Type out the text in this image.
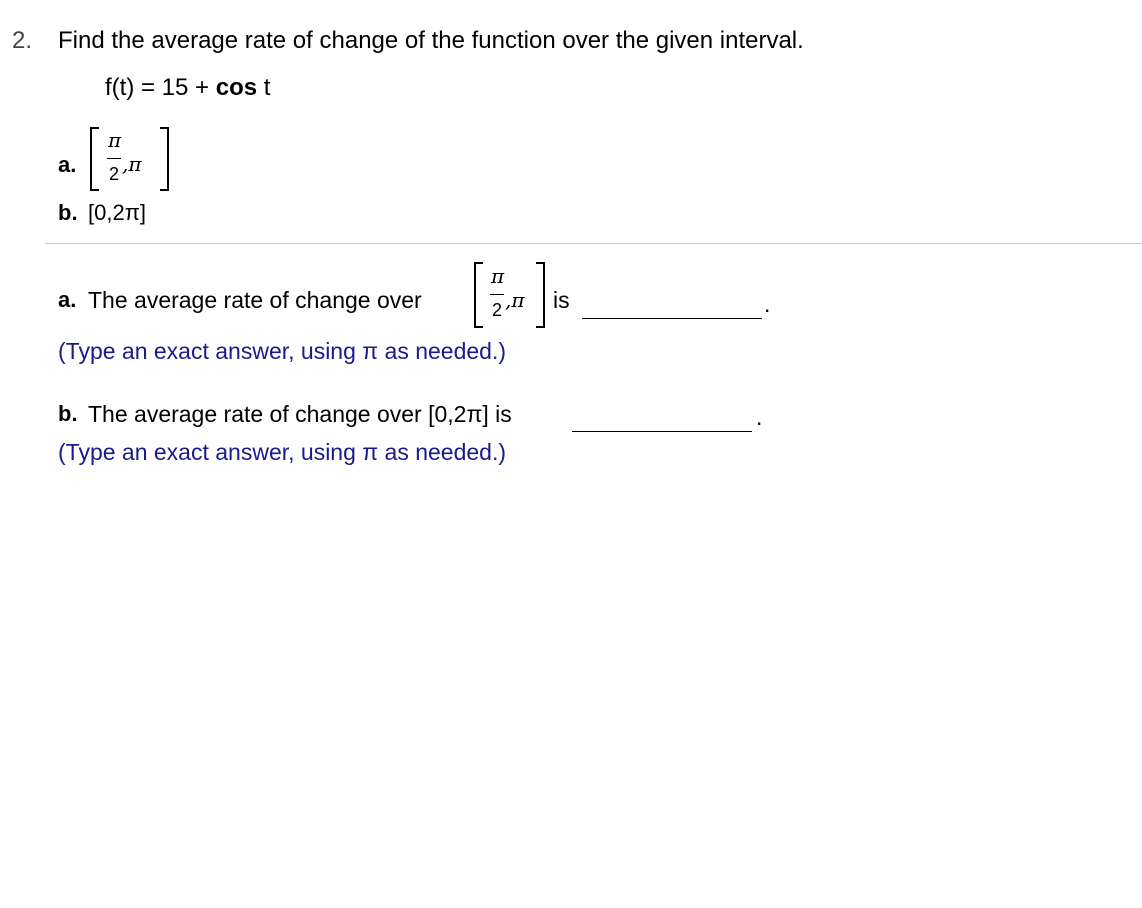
2. Find the average rate of change of the function over the given interval.
f(t) = 15 + cos t
a.
π
2 ,π
b. [0,2π]
a. The average rate of change over
π
2 ,π is	.
(Type an exact answer, using π as needed.)
b. The average rate of change over [0,2π] is	.
(Type an exact answer, using π as needed.)
